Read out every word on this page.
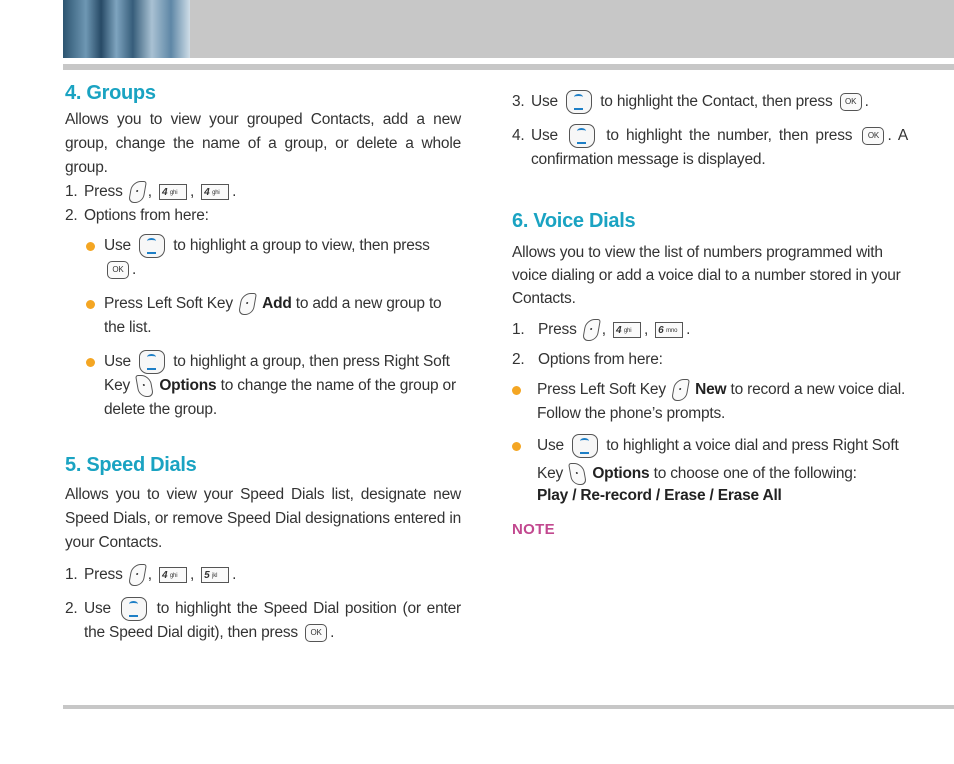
4. Groups

Allows you to view your grouped Contacts, add a new group, change the name of a group, or delete a whole group.

1. Press , 4 $^{ghi}$ , 4 $^{ghi}$ .

2. Options from here:

Use	to highlight a group to view, then press OK .

Press Left Soft Key Add to add a new group to the list.

Use	to highlight a group, then press Right Soft Key Options to change the name of the group or delete the group.

5. Speed Dials

Allows you to view your Speed Dials list, designate new Speed Dials, or remove Speed Dial designations entered in your Contacts.

1. Press , 4 $^{ghi}$ , 5 $^{jkl}$ .

2. Use	to highlight the Speed Dial position (or enter the Speed Dial digit), then press OK .

3. Use	to highlight the Contact, then press OK .

4. Use	to highlight the number, then press OK . A confirmation message is displayed.

6. Voice Dials

Allows you to view the list of numbers programmed with voice dialing or add a voice dial to a number stored in your Contacts.

1. Press , 4 $^{ghi}$ , 6 $^{mno}$ .

2. Options from here:

Press Left Soft Key New to record a new voice dial. Follow the phone’s prompts.

Use	to highlight a voice dial and press Right Soft Key Options to choose one of the following:

Play / Re-record / Erase / Erase All

NOTE
